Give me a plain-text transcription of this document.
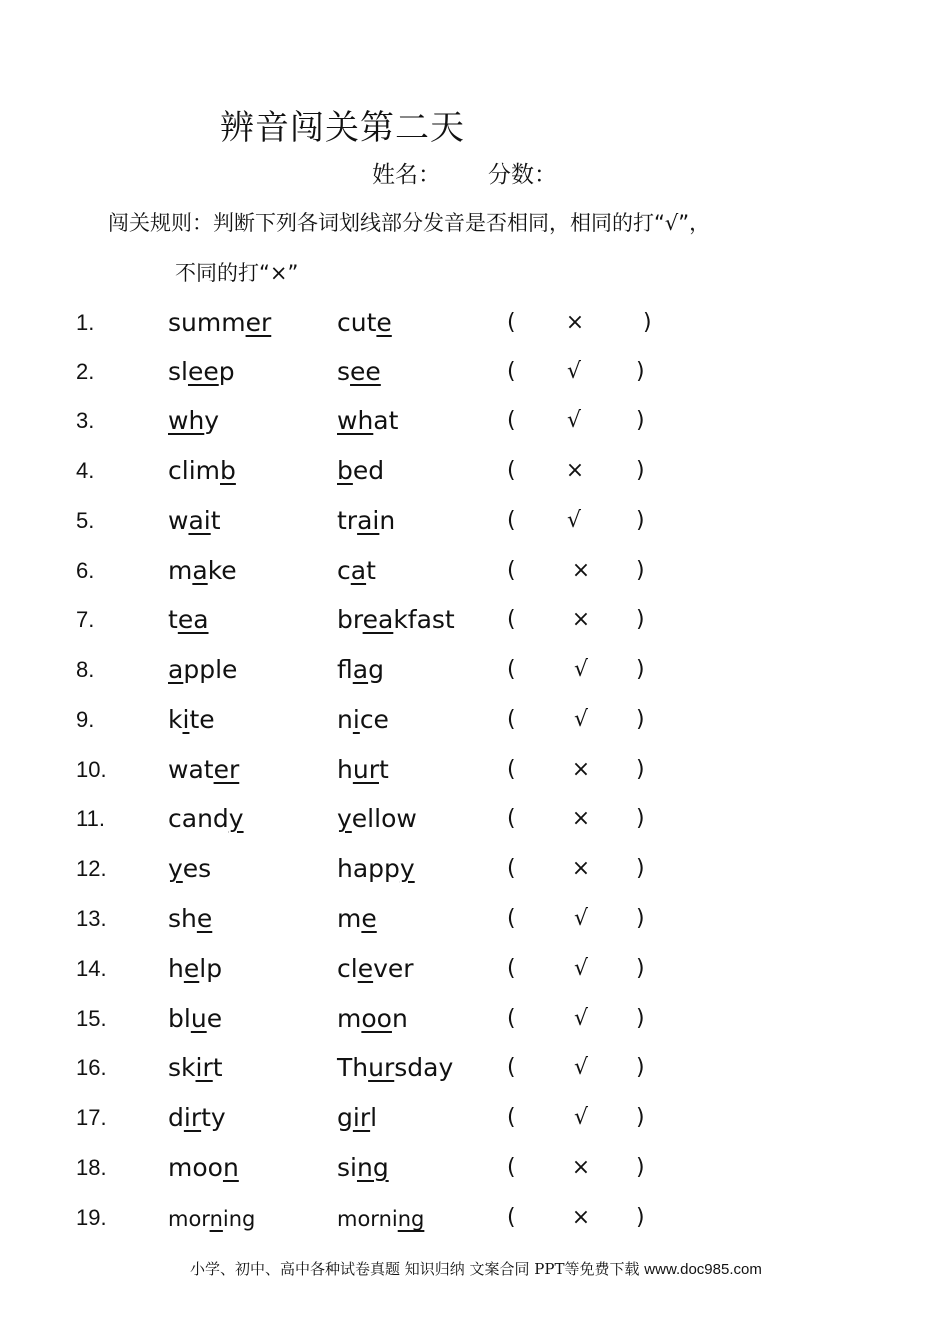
辨音闯关第二天
姓名： 分数：
闯关规则：判断下列各词划线部分发音是否相同，相同的打“√”，
不同的打“×”
1.	summer	cute	( ×	)
2.	sleep	see	( √ )
3.	why	what	( √ )
4.	climb	bed	( × )
5.	wait	train	( √ )
6.	make	cat	(	× )
7.	tea	breakfast (	× )
8.	apple	flag	(	√ )
9.	kite	nice	(	√ )
10. water	hurt	(	× )
11.	candy	yellow	(	× )
12. yes	happy	(	× )
13. she	me	(	√ )
14. help	clever	(	√ )
15. blue	moon	(	√ )
16. skirt	Thursday (	√ )
17. dirty	girl	(	√ )
18. moon	sing	(	× )
19.	morning	morning	(	× )
小学、初中、高中各种试卷真题 知识归纳 文案合同 PPT等免费下载 www.doc985.com
